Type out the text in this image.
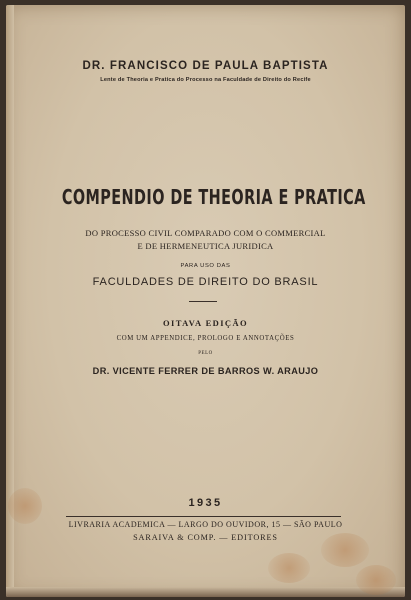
DR. FRANCISCO DE PAULA BAPTISTA
Lente de Theoria e Pratica do Processo na Faculdade de Direito do Recife
COMPENDIO DE THEORIA E PRATICA
DO PROCESSO CIVIL COMPARADO COM O COMMERCIAL
E DE HERMENEUTICA JURIDICA
PARA USO DAS
FACULDADES DE DIREITO DO BRASIL
OITAVA EDIÇÃO
COM UM APPENDICE, PROLOGO E ANNOTAÇÕES
PELO
DR. VICENTE FERRER DE BARROS W. ARAUJO
1935
LIVRARIA ACADEMICA — LARGO DO OUVIDOR, 15 — SÃO PAULO
SARAIVA & COMP. — EDITORES
